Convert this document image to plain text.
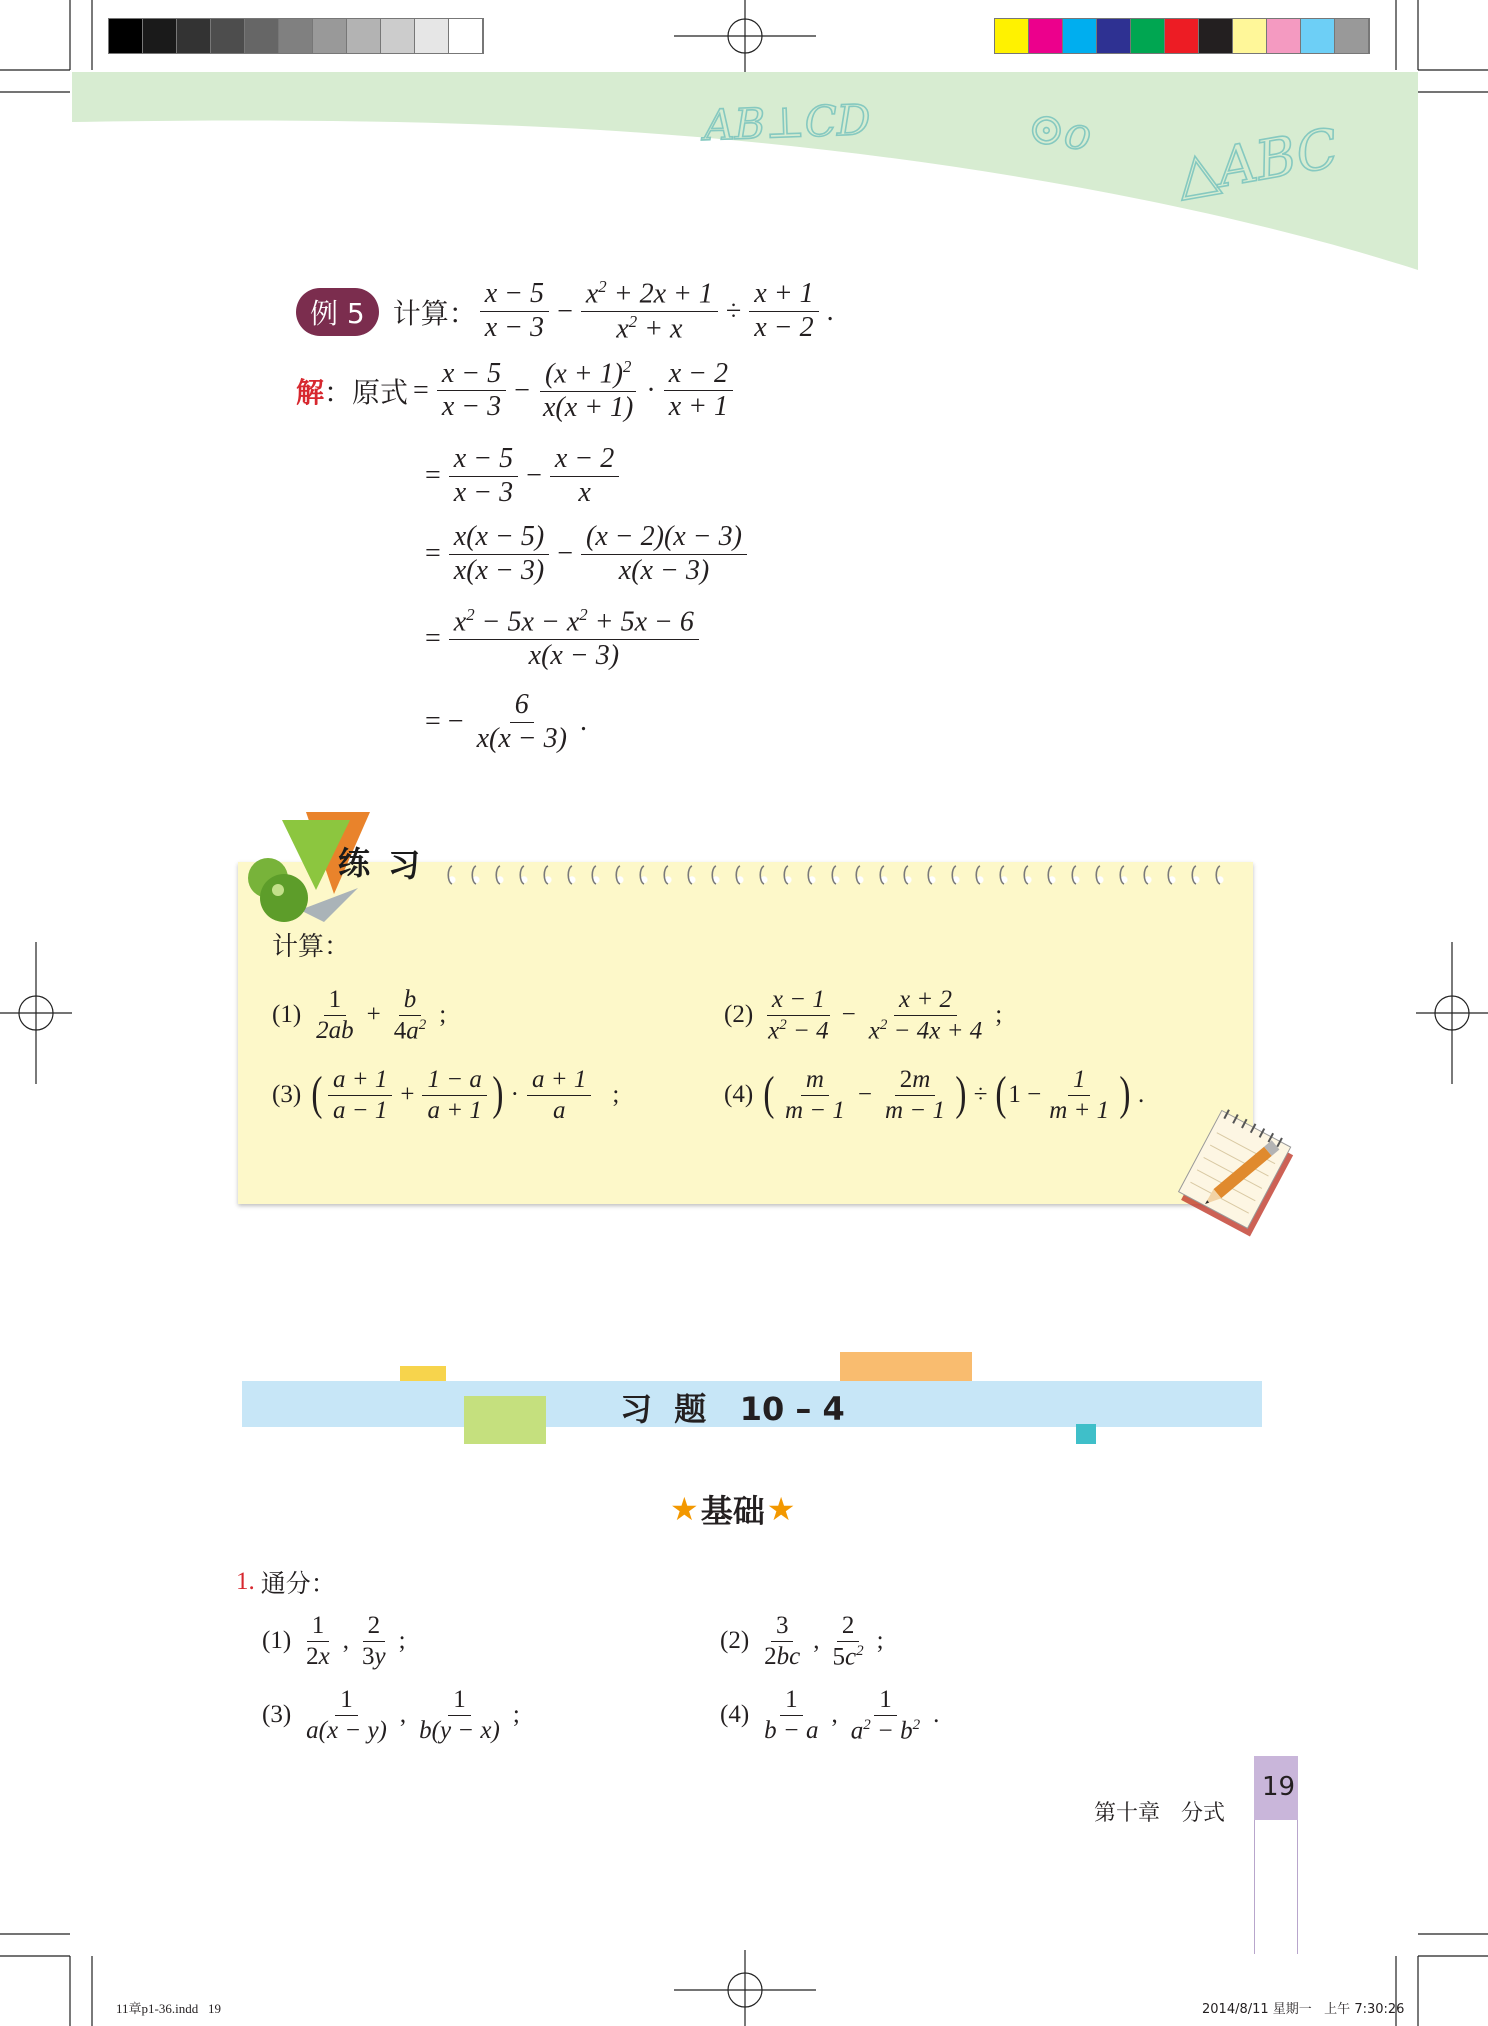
AB⊥CD	⊙o △ABC
例 5	计算： $\frac{x - 5}{x - 3} - \frac{x^2 + 2x + 1}{x^2 + x} \div \frac{x + 1}{x - 2}$ .
解 ：原式 = $\frac{x - 5}{x - 3} - \frac{(x + 1)^2}{x(x + 1)} \cdot \frac{x - 2}{x + 1}$
= $\frac{x - 5}{x - 3} - \frac{x - 2}{x}$
= $\frac{x(x - 5)}{x(x - 3)} - \frac{(x - 2)(x - 3)}{x(x - 3)}$
= $\frac{x^2 - 5x - x^2 + 5x - 6}{x(x - 3)}$
= − $\frac{6}{x(x - 3)}$ .
练 习
计算：
$(1) \frac{1}{2ab} + \frac{b}{4a^2}$ ;	$(2) \frac{x - 1}{x^2 - 4} - \frac{x + 2}{x^2 - 4x + 4}$ ;
(3) ( $\frac{a + 1}{a - 1} + \frac{1 - a}{a + 1}$ ) · $\frac{a + 1}{a}$ ;	(4) ( $\frac{m}{m - 1} - \frac{2m}{m - 1}$ ) ÷ ( $1 - \frac{1}{m + 1}$ ) .
习  题   10 – 4
★ 基础 ★
1. 通分：
$(1) \frac{1}{2x}$ , $\frac{2}{3y}$ ;	$(2) \frac{3}{2bc}$ , $\frac{2}{5c^2}$ ;
$(3) \frac{1}{a(x - y)}$ , $\frac{1}{b(y - x)}$ ;	$(4) \frac{1}{b - a}$ , $\frac{1}{a^2 - b^2}$ .
19
第十章   分式
11章p1-36.indd   19	2014/8/11 星期一   上午 7:30:26
